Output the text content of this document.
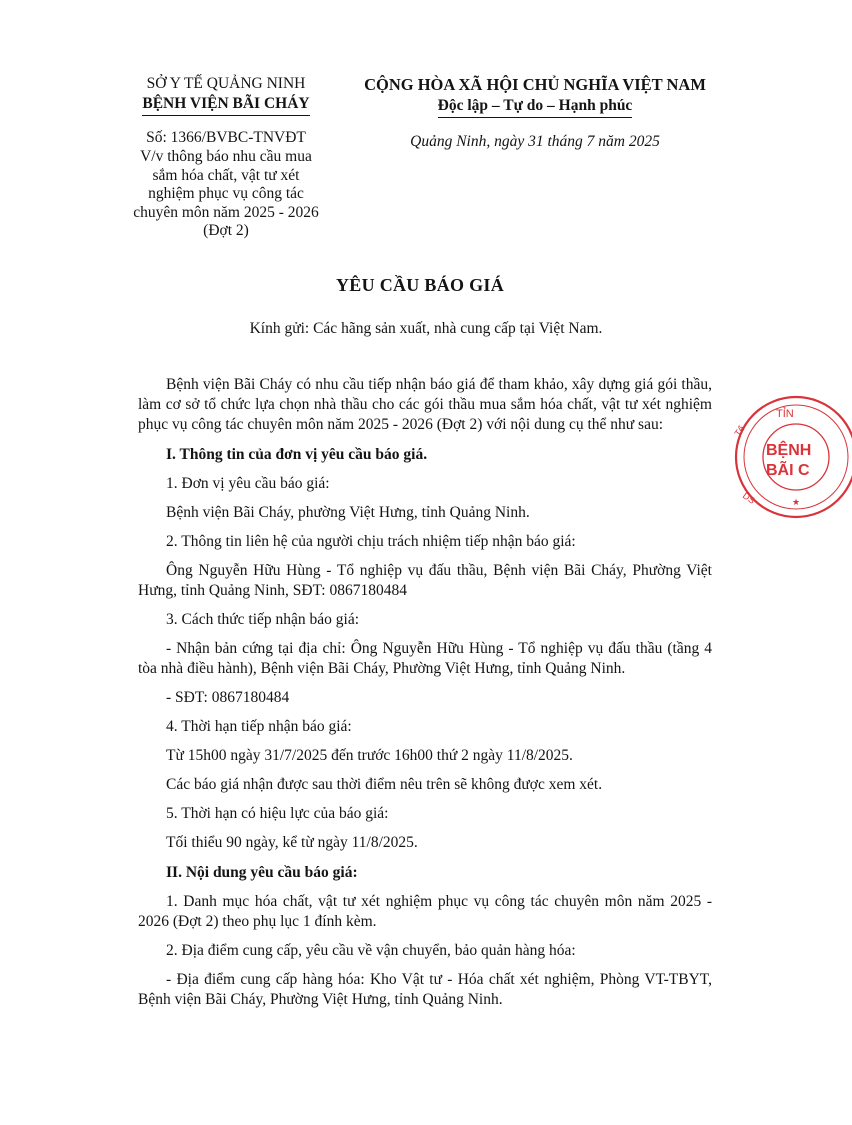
SỞ Y TẾ QUẢNG NINH
BỆNH VIỆN BÃI CHÁY
Số: 1366/BVBC-TNVĐT
V/v thông báo nhu cầu mua
sắm hóa chất, vật tư xét
nghiệm phục vụ công tác
chuyên môn năm 2025 - 2026
(Đợt 2)
CỘNG HÒA XÃ HỘI CHỦ NGHĨA VIỆT NAM
Độc lập – Tự do – Hạnh phúc
Quảng Ninh, ngày 31 tháng 7 năm 2025
YÊU CẦU BÁO GIÁ
Kính gửi: Các hãng sản xuất, nhà cung cấp tại Việt Nam.

Bệnh viện Bãi Cháy có nhu cầu tiếp nhận báo giá để tham khảo, xây dựng giá gói thầu, làm cơ sở tổ chức lựa chọn nhà thầu cho các gói thầu mua sắm hóa chất, vật tư xét nghiệm phục vụ công tác chuyên môn năm 2025 - 2026 (Đợt 2) với nội dung cụ thể như sau:

I. Thông tin của đơn vị yêu cầu báo giá.

1. Đơn vị yêu cầu báo giá:

Bệnh viện Bãi Cháy, phường Việt Hưng, tỉnh Quảng Ninh.

2. Thông tin liên hệ của người chịu trách nhiệm tiếp nhận báo giá:

Ông Nguyễn Hữu Hùng - Tổ nghiệp vụ đấu thầu, Bệnh viện Bãi Cháy, Phường Việt Hưng, tỉnh Quảng Ninh, SĐT: 0867180484

3. Cách thức tiếp nhận báo giá:

- Nhận bản cứng tại địa chỉ: Ông Nguyễn Hữu Hùng - Tổ nghiệp vụ đấu thầu (tầng 4 tòa nhà điều hành), Bệnh viện Bãi Cháy, Phường Việt Hưng, tỉnh Quảng Ninh.

- SĐT: 0867180484

4. Thời hạn tiếp nhận báo giá:

Từ 15h00 ngày 31/7/2025 đến trước 16h00 thứ 2 ngày 11/8/2025.

Các báo giá nhận được sau thời điểm nêu trên sẽ không được xem xét.

5. Thời hạn có hiệu lực của báo giá:

Tối thiểu 90 ngày, kể từ ngày 11/8/2025.

II. Nội dung yêu cầu báo giá:

1. Danh mục hóa chất, vật tư xét nghiệm phục vụ công tác chuyên môn năm 2025 - 2026 (Đợt 2) theo phụ lục 1 đính kèm.

2. Địa điểm cung cấp, yêu cầu về vận chuyển, bảo quản hàng hóa:

- Địa điểm cung cấp hàng hóa: Kho Vật tư - Hóa chất xét nghiệm, Phòng VT-TBYT, Bệnh viện Bãi Cháy, Phường Việt Hưng, tỉnh Quảng Ninh.

TỈN
Tế
DS
BỆNH
BÃI C
★
